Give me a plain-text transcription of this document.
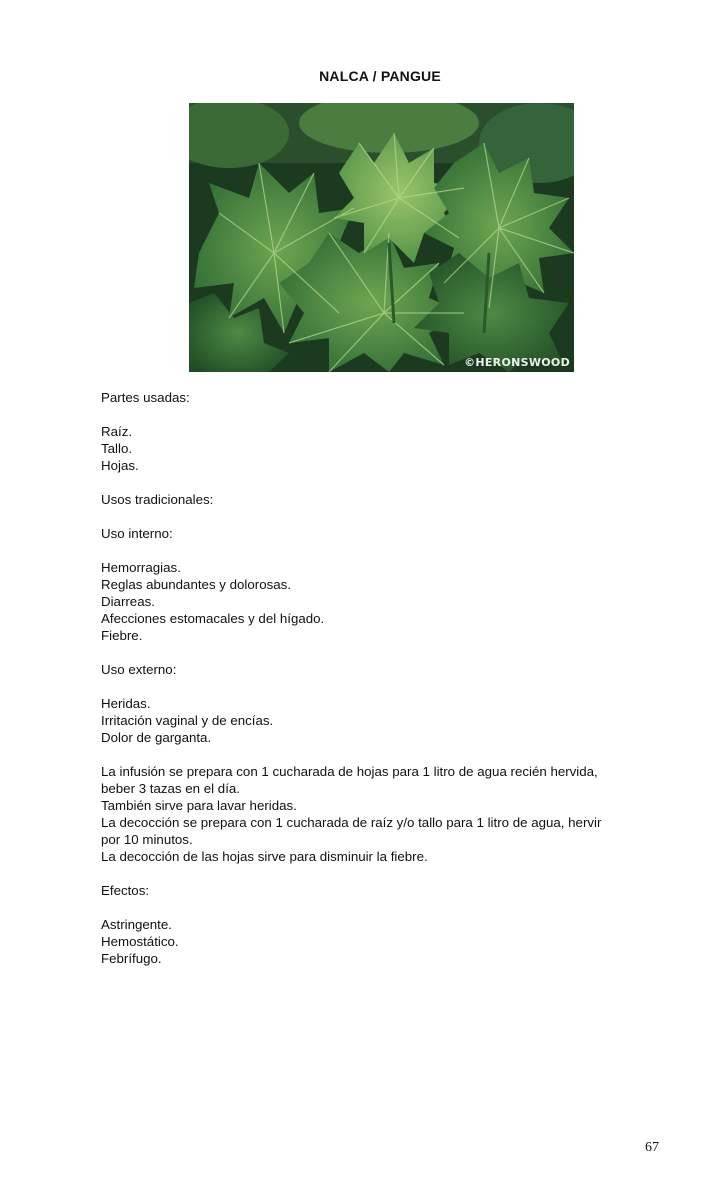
NALCA / PANGUE
©HERONSWOOD
Partes usadas:
Raíz.
Tallo.
Hojas.
Usos tradicionales:
Uso interno:
Hemorragias.
Reglas abundantes y dolorosas.
Diarreas.
Afecciones estomacales y del hígado.
Fiebre.
Uso externo:
Heridas.
Irritación vaginal y de encías.
Dolor de garganta.
La infusión se prepara con 1 cucharada de hojas para 1 litro de agua recién hervida,
beber 3 tazas en el día.
También sirve para lavar heridas.
La decocción se prepara con 1 cucharada de raíz y/o tallo para 1 litro de agua, hervir
por 10 minutos.
La decocción de las hojas sirve para disminuir la fiebre.
Efectos:
Astringente.
Hemostático.
Febrífugo.
67
